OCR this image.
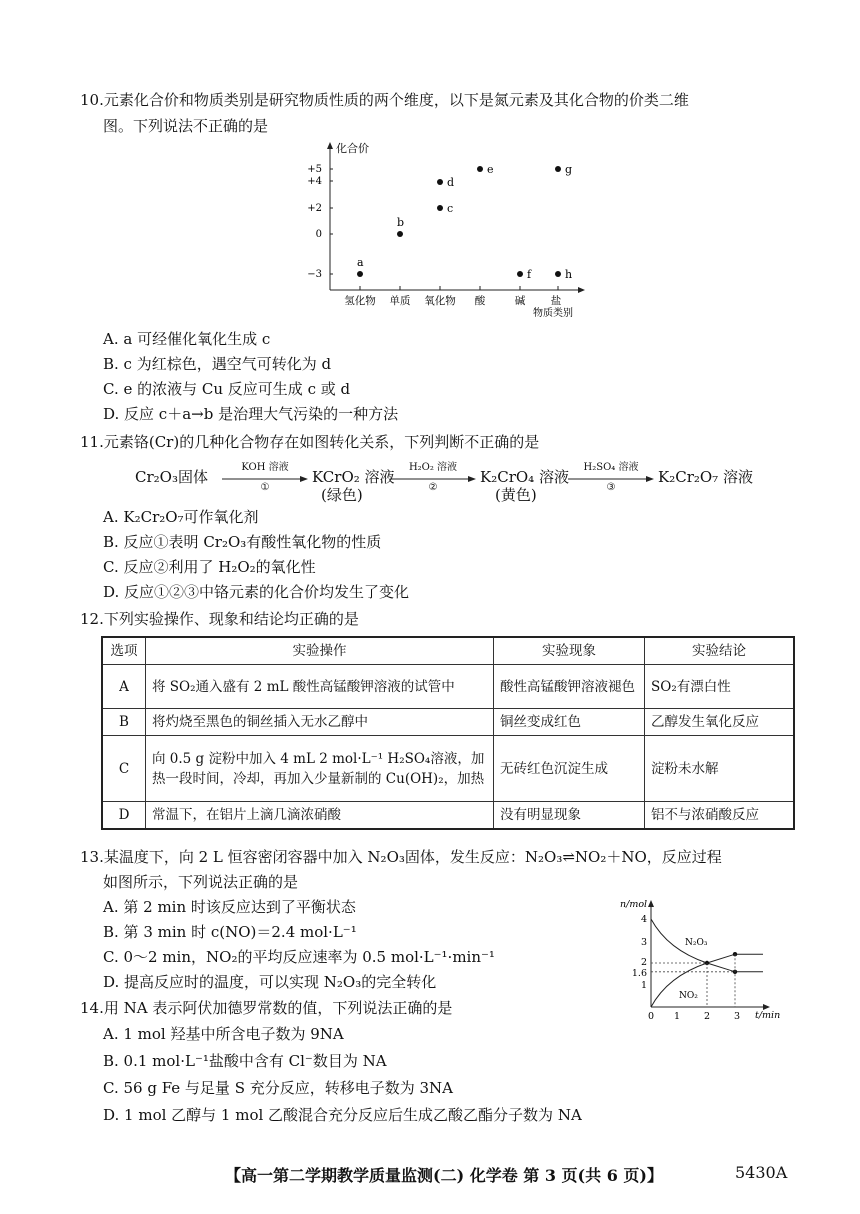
10.元素化合价和物质类别是研究物质性质的两个维度，以下是氮元素及其化合物的价类二维
图。下列说法不正确的是
化合价
物质类别
+5
+4
+2
0
−3
氢化物 单质 氧化物 酸	碱 盐
a
b
c
d
e
f
g
h
A. a 可经催化氧化生成 c
B. c 为红棕色，遇空气可转化为 d
C. e 的浓液与 Cu 反应可生成 c 或 d
D. 反应 c＋a→b 是治理大气污染的一种方法
11.元素铬(Cr)的几种化合物存在如图转化关系，下列判断不正确的是
Cr₂O₃固体
KOH 溶液
①
KCrO₂ 溶液
(绿色)
H₂O₂ 溶液
②
K₂CrO₄ 溶液
(黄色)
H₂SO₄ 溶液
③
K₂Cr₂O₇ 溶液
A. K₂Cr₂O₇可作氧化剂
B. 反应①表明 Cr₂O₃有酸性氧化物的性质
C. 反应②利用了 H₂O₂的氧化性
D. 反应①②③中铬元素的化合价均发生了变化
12.下列实验操作、现象和结论均正确的是
选项	实验操作	实验现象	实验结论
A	将 SO₂通入盛有 2 mL 酸性高锰酸钾溶液的试管中	酸性高锰酸钾溶液褪色	SO₂有漂白性
B	将灼烧至黑色的铜丝插入无水乙醇中	铜丝变成红色	乙醇发生氧化反应
C	向 0.5 g 淀粉中加入 4 mL 2 mol·L⁻¹ H₂SO₄溶液，加热一段时间，冷却，再加入少量新制的 Cu(OH)₂，加热	无砖红色沉淀生成	淀粉未水解
D	常温下，在铝片上滴几滴浓硝酸	没有明显现象	铝不与浓硝酸反应
13.某温度下，向 2 L 恒容密闭容器中加入 N₂O₃固体，发生反应：N₂O₃⇌NO₂＋NO，反应过程
如图所示，下列说法正确的是
A. 第 2 min 时该反应达到了平衡状态
B. 第 3 min 时 c(NO)＝2.4 mol·L⁻¹
C. 0～2 min，NO₂的平均反应速率为 0.5 mol·L⁻¹·min⁻¹
D. 提高反应时的温度，可以实现 N₂O₃的完全转化
n/mol
t/min
4
3
2
1.6
1
0 1	2	3
N₂O₃
NO₂
14.用 NA 表示阿伏加德罗常数的值，下列说法正确的是
A. 1 mol 羟基中所含电子数为 9NA
B. 0.1 mol·L⁻¹盐酸中含有 Cl⁻数目为 NA
C. 56 g Fe 与足量 S 充分反应，转移电子数为 3NA
D. 1 mol 乙醇与 1 mol 乙酸混合充分反应后生成乙酸乙酯分子数为 NA
【高一第二学期教学质量监测(二) 化学卷 第 3 页(共 6 页)】	5430A
